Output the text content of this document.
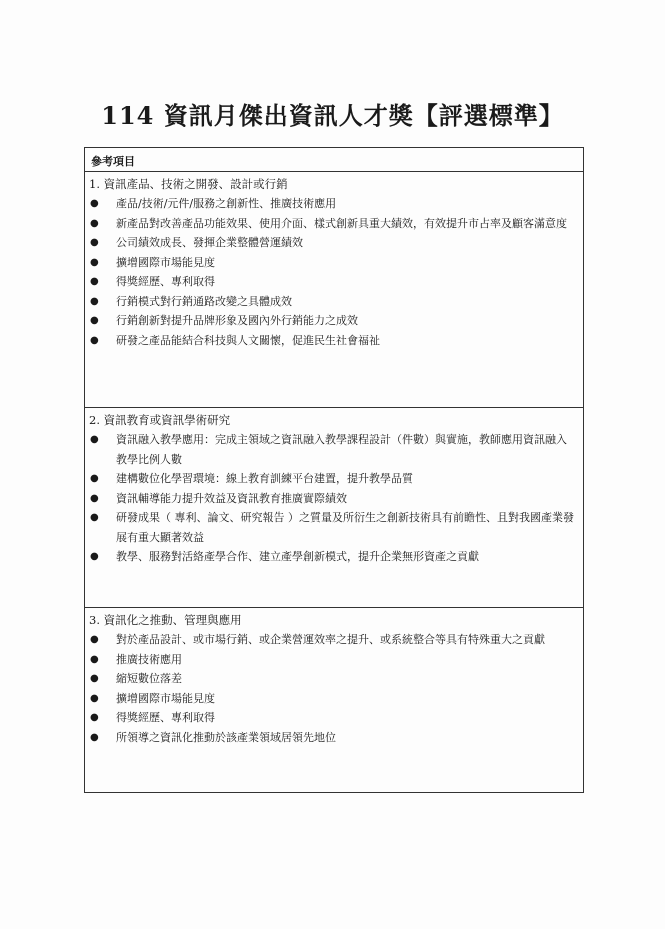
114 資訊月傑出資訊人才獎【評選標準】
參考項目
1. 資訊產品、技術之開發、設計或行銷
● 產品/技術/元件/服務之創新性、推廣技術應用
● 新產品對改善產品功能效果、使用介面、樣式創新具重大績效，有效提升市占率及顧客滿意度
● 公司績效成長、發揮企業整體營運績效
● 擴增國際市場能見度
● 得獎經歷、專利取得
● 行銷模式對行銷通路改變之具體成效
● 行銷創新對提升品牌形象及國內外行銷能力之成效
● 研發之產品能結合科技與人文關懷，促進民生社會福祉
2. 資訊教育或資訊學術研究
● 資訊融入教學應用：完成主領域之資訊融入教學課程設計（件數）與實施，教師應用資訊融入教學比例人數
● 建構數位化學習環境：線上教育訓練平台建置，提升教學品質
● 資訊輔導能力提升效益及資訊教育推廣實際績效
● 研發成果（ 專利、論文、研究報告 ）之質量及所衍生之創新技術具有前瞻性、且對我國產業發展有重大顯著效益
● 教學、服務對活絡產學合作、建立產學創新模式，提升企業無形資產之貢獻
3. 資訊化之推動、管理與應用
● 對於產品設計、或市場行銷、或企業營運效率之提升、或系統整合等具有特殊重大之貢獻
● 推廣技術應用
● 縮短數位落差
● 擴增國際市場能見度
● 得獎經歷、專利取得
● 所領導之資訊化推動於該產業領域居領先地位
